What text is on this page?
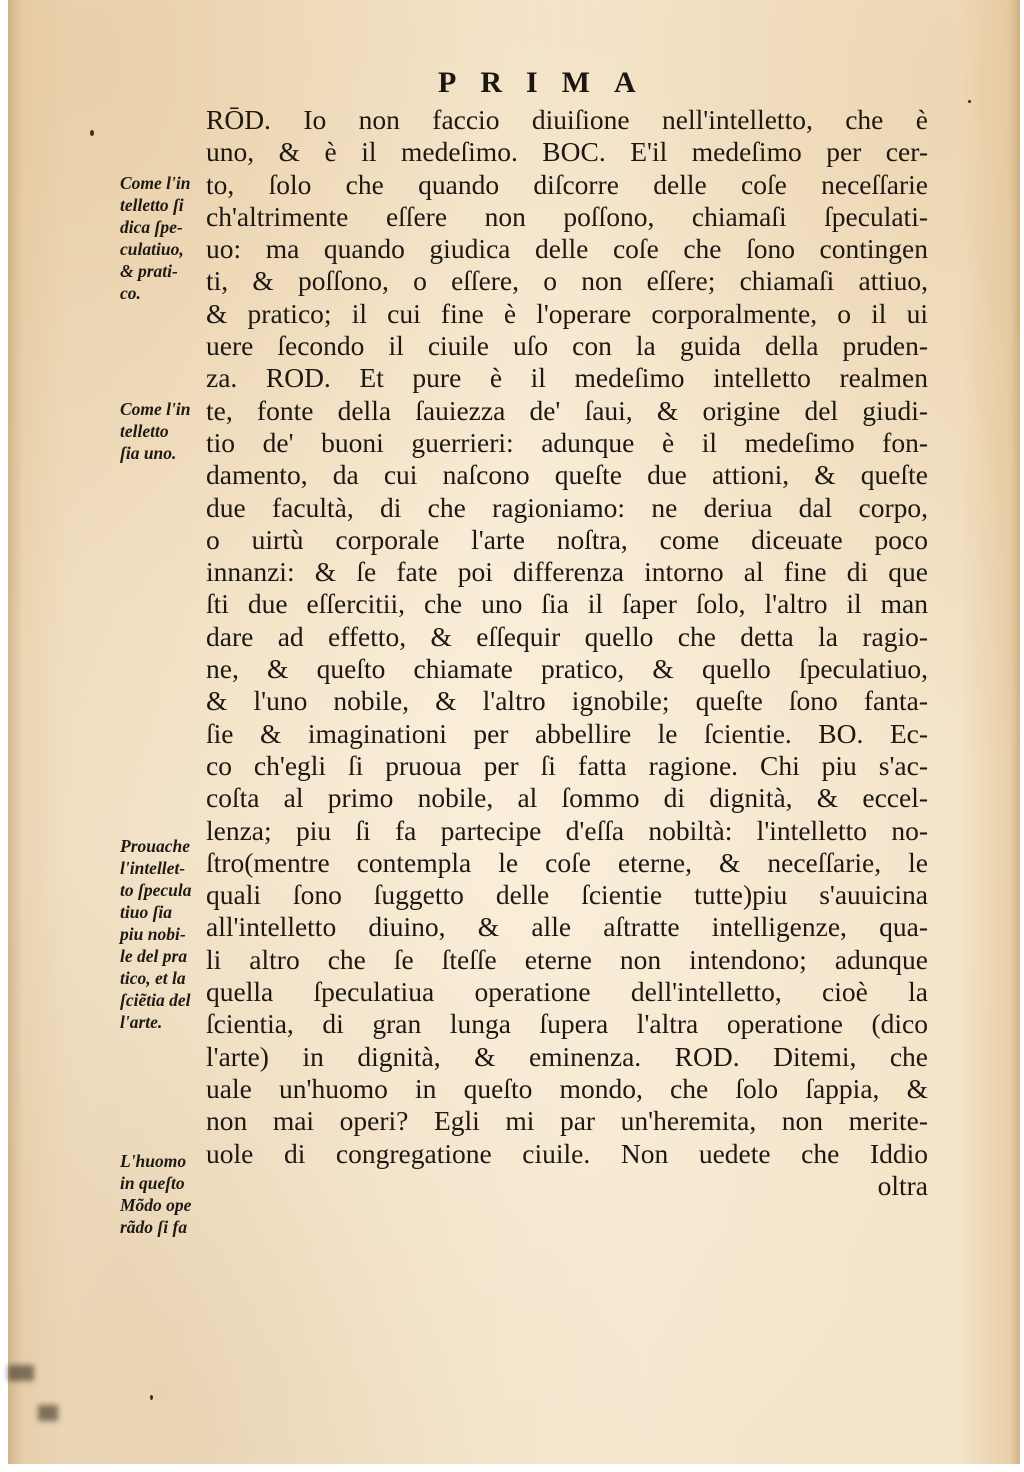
PRIMA
RŌD. Io non faccio diuiſione nell'intelletto, che è
uno, & è il medeſimo. BOC. E'il medeſimo per cer-
to, ſolo che quando diſcorre delle coſe neceſſarie
ch'altrimente eſſere non poſſono, chiamaſi ſpeculati-
uo: ma quando giudica delle coſe che ſono contingen
ti, & poſſono, o eſſere, o non eſſere; chiamaſi attiuo,
& pratico; il cui fine è l'operare corporalmente, o il ui
uere ſecondo il ciuile uſo con la guida della pruden-
za. ROD. Et pure è il medeſimo intelletto realmen
te, fonte della ſauiezza de' ſaui, & origine del giudi-
tio de' buoni guerrieri: adunque è il medeſimo fon-
damento, da cui naſcono queſte due attioni, & queſte
due facultà, di che ragioniamo: ne deriua dal corpo,
o uirtù corporale l'arte noſtra, come diceuate poco
innanzi: & ſe fate poi differenza intorno al fine di que
ſti due eſſercitii, che uno ſia il ſaper ſolo, l'altro il man
dare ad effetto, & eſſequir quello che detta la ragio-
ne, & queſto chiamate pratico, & quello ſpeculatiuo,
& l'uno nobile, & l'altro ignobile; queſte ſono fanta-
ſie & imaginationi per abbellire le ſcientie. BO. Ec-
co ch'egli ſi pruoua per ſi fatta ragione. Chi piu s'ac-
coſta al primo nobile, al ſommo di dignità, & eccel-
lenza; piu ſi fa partecipe d'eſſa nobiltà: l'intelletto no-
ſtro(mentre contempla le coſe eterne, & neceſſarie, le
quali ſono ſuggetto delle ſcientie tutte)piu s'auuicina
all'intelletto diuino, & alle aſtratte intelligenze, qua-
li altro che ſe ſteſſe eterne non intendono; adunque
quella ſpeculatiua operatione dell'intelletto, cioè la
ſcientia, di gran lunga ſupera l'altra operatione (dico
l'arte) in dignità, & eminenza. ROD. Ditemi, che
uale un'huomo in queſto mondo, che ſolo ſappia, &
non mai operi? Egli mi par un'heremita, non merite-
uole di congregatione ciuile. Non uedete che Iddio
oltra
Come l'in
telletto ſi
dica ſpe-
culatiuo,
& prati-
co.
Come l'in
telletto
ſia uno.
Prouache
l'intellet-
to ſpecula
tiuo ſia
piu nobi-
le del pra
tico, et la
ſciẽtia del
l'arte.
L'huomo
in queſto
Mõdo ope
rãdo ſi fa
